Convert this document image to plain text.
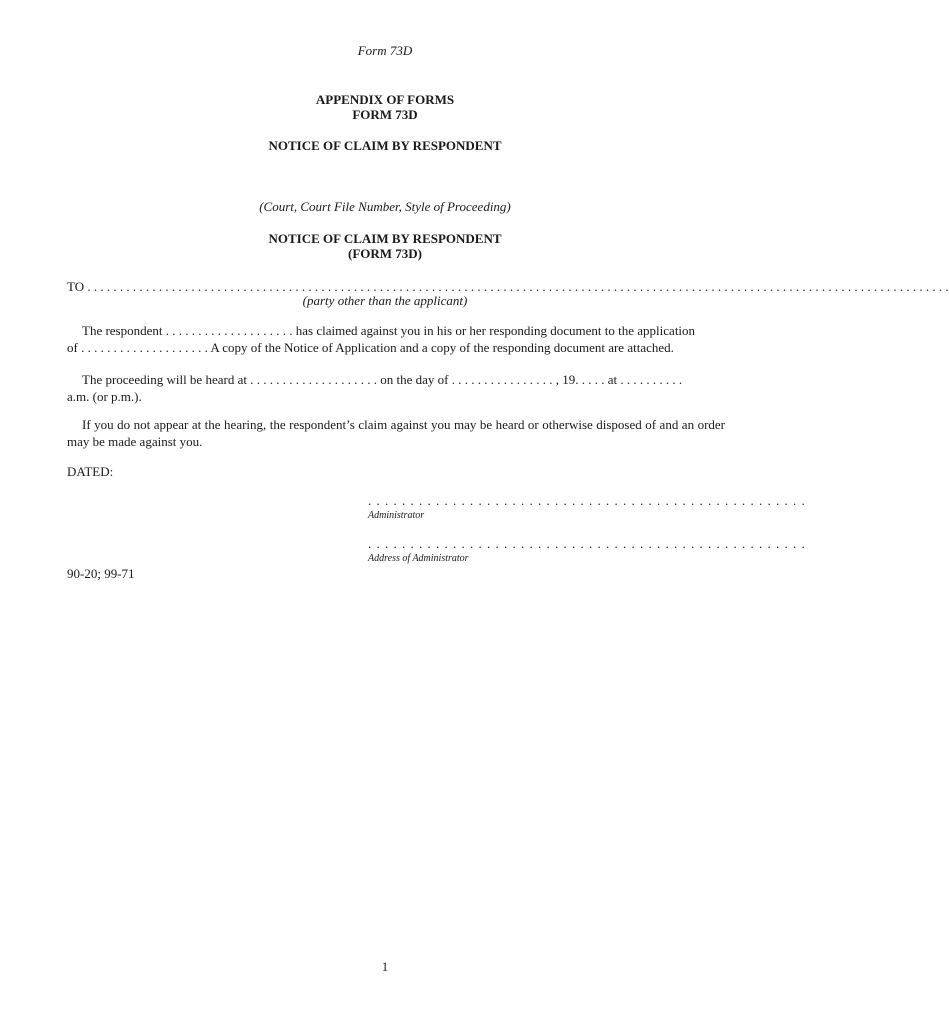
Form 73D
APPENDIX OF FORMS
FORM 73D
NOTICE OF CLAIM BY RESPONDENT
(Court, Court File Number, Style of Proceeding)
NOTICE OF CLAIM BY RESPONDENT
(FORM 73D)
TO . . . . . . . . . . . . . . . . . . . . . . . . . . . . . . . . . . . . . . . . . . . . . . . . . . . . . . . . . . . . . . . . . . . . . . . . . . . . . . . . . . . . . . . . . . . . . . . . . . . . . . . . . . . . . . . . . . . . . . . . . . . . . . . . . . . . .
(party other than the applicant)
The respondent . . . . . . . . . . . . . . . . . . . . has claimed against you in his or her responding document to the application
of . . . . . . . . . . . . . . . . . . . . A copy of the Notice of Application and a copy of the responding document are attached.
The proceeding will be heard at . . . . . . . . . . . . . . . . . . . . on the day of . . . . . . . . . . . . . . . . , 19. . . . . at . . . . . . . . . .
a.m. (or p.m.).
If you do not appear at the hearing, the respondent’s claim against you may be heard or otherwise disposed of and an order may be made against you.
DATED:
. . . . . . . . . . . . . . . . . . . . . . . . . . . . . . . . . . . . . . . . . . . . . . . . . . . .
Administrator
. . . . . . . . . . . . . . . . . . . . . . . . . . . . . . . . . . . . . . . . . . . . . . . . . . . .
Address of Administrator
90-20; 99-71
1
